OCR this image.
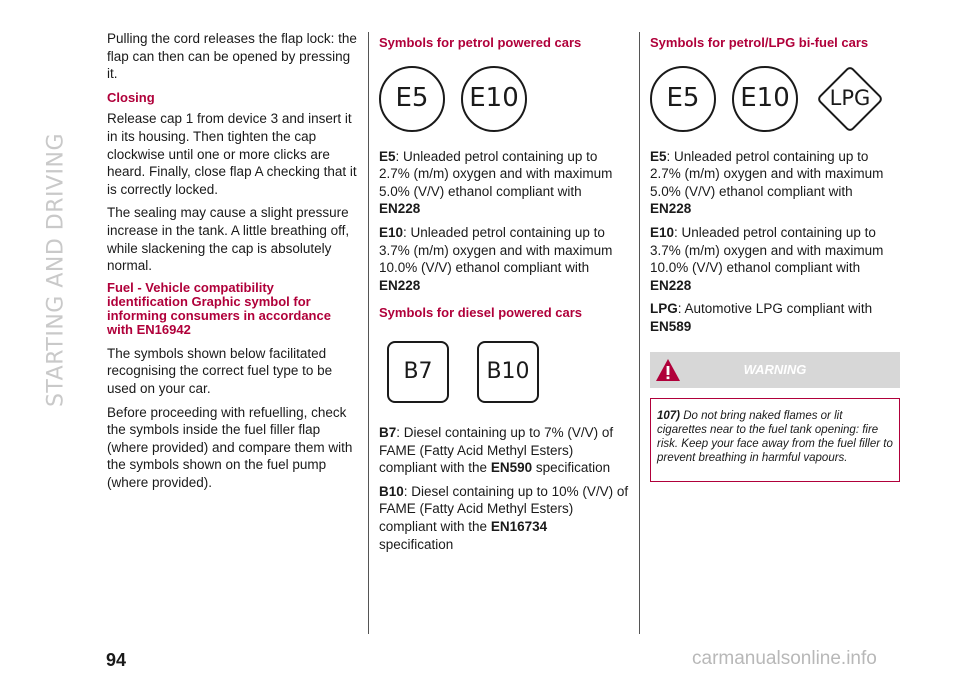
STARTING AND DRIVING

Pulling the cord releases the flap lock: the flap can then can be opened by pressing it.

Closing

Release cap 1 from device 3 and insert it in its housing. Then tighten the cap clockwise until one or more clicks are heard. Finally, close flap A checking that it is correctly locked.

The sealing may cause a slight pressure increase in the tank. A little breathing off, while slackening the cap is absolutely normal.

Fuel - Vehicle compatibility identification Graphic symbol for informing consumers in accordance with EN16942

The symbols shown below facilitated recognising the correct fuel type to be used on your car.

Before proceeding with refuelling, check the symbols inside the fuel filler flap (where provided) and compare them with the symbols shown on the fuel pump (where provided).

Symbols for petrol powered cars
E5	E10

E5: Unleaded petrol containing up to 2.7% (m/m) oxygen and with maximum 5.0% (V/V) ethanol compliant with
EN228

E10: Unleaded petrol containing up to 3.7% (m/m) oxygen and with maximum 10.0% (V/V) ethanol compliant with
EN228

Symbols for diesel powered cars
B7	B10

B7: Diesel containing up to 7% (V/V) of FAME (Fatty Acid Methyl Esters) compliant with the EN590 specification

B10: Diesel containing up to 10% (V/V) of FAME (Fatty Acid Methyl Esters) compliant with the EN16734
specification

Symbols for petrol/LPG bi-fuel cars
E5	E10	LPG

E5: Unleaded petrol containing up to 2.7% (m/m) oxygen and with maximum 5.0% (V/V) ethanol compliant with
EN228

E10: Unleaded petrol containing up to 3.7% (m/m) oxygen and with maximum 10.0% (V/V) ethanol compliant with
EN228

LPG: Automotive LPG compliant with
EN589

WARNING

107) Do not bring naked flames or lit cigarettes near to the fuel tank opening: fire risk. Keep your face away from the fuel filler to prevent breathing in harmful vapours.

94	carmanualsonline.info
